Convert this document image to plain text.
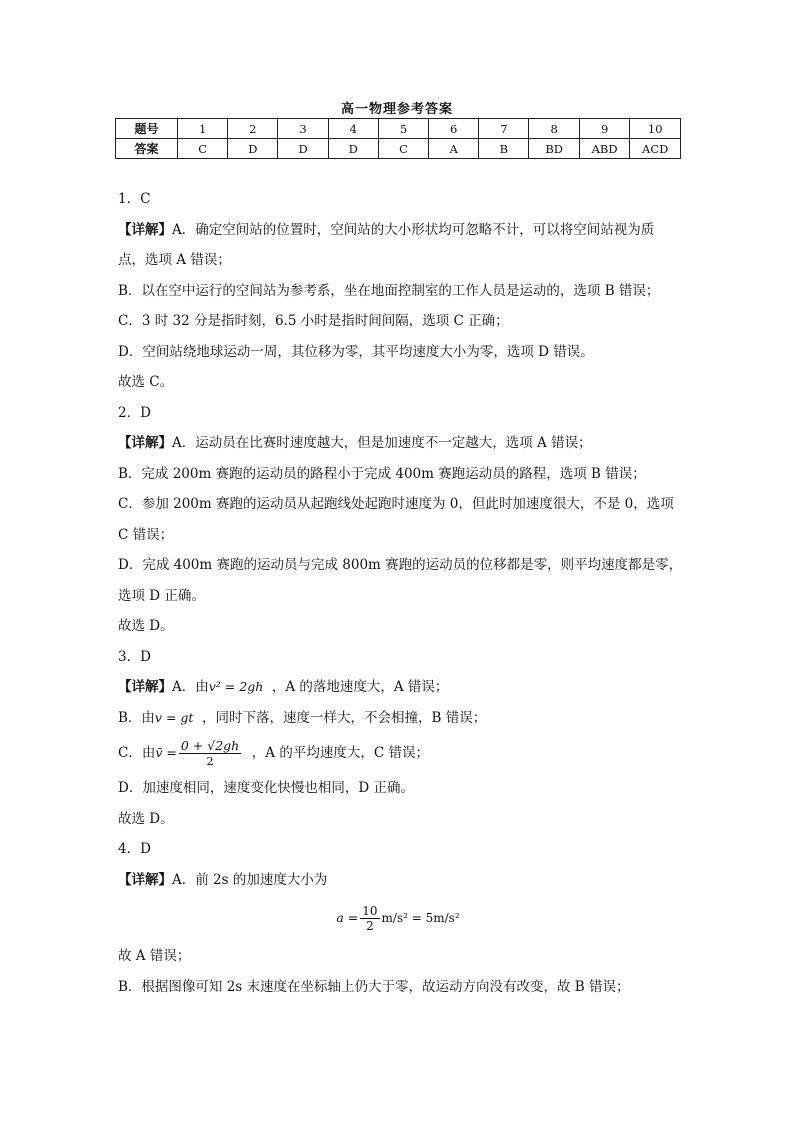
高一物理参考答案
题号	1	2	3	4	5	6	7	8	9	10
答案	C	D	D	D	C	A	B	BD	ABD	ACD
1．C
【详解】A．确定空间站的位置时，空间站的大小形状均可忽略不计，可以将空间站视为质
点，选项 A 错误；
B．以在空中运行的空间站为参考系，坐在地面控制室的工作人员是运动的，选项 B 错误；
C．3 时 32 分是指时刻，6.5 小时是指时间间隔，选项 C 正确；
D．空间站绕地球运动一周，其位移为零，其平均速度大小为零，选项 D 错误。
故选 C。
2．D
【详解】A．运动员在比赛时速度越大，但是加速度不一定越大，选项 A 错误；
B．完成 200m 赛跑的运动员的路程小于完成 400m 赛跑运动员的路程，选项 B 错误；
C．参加 200m 赛跑的运动员从起跑线处起跑时速度为 0，但此时加速度很大，不是 0，选项
C 错误；
D．完成 400m 赛跑的运动员与完成 800m 赛跑的运动员的位移都是零，则平均速度都是零，
选项 D 正确。
故选 D。
3．D
【详解】A．由v² = 2gh ，A 的落地速度大，A 错误；
B．由v = gt ，同时下落，速度一样大，不会相撞，B 错误；
C．由v̄ = $\frac{0 + √2gh}{2}$ ，A 的平均速度大，C 错误；
D．加速度相同，速度变化快慢也相同，D 正确。
故选 D。
4．D
【详解】A．前 2s 的加速度大小为
$a = \frac{10}{2} m/s^2 = 5m/s^2$
故 A 错误；
B．根据图像可知 2s 末速度在坐标轴上仍大于零，故运动方向没有改变，故 B 错误；
